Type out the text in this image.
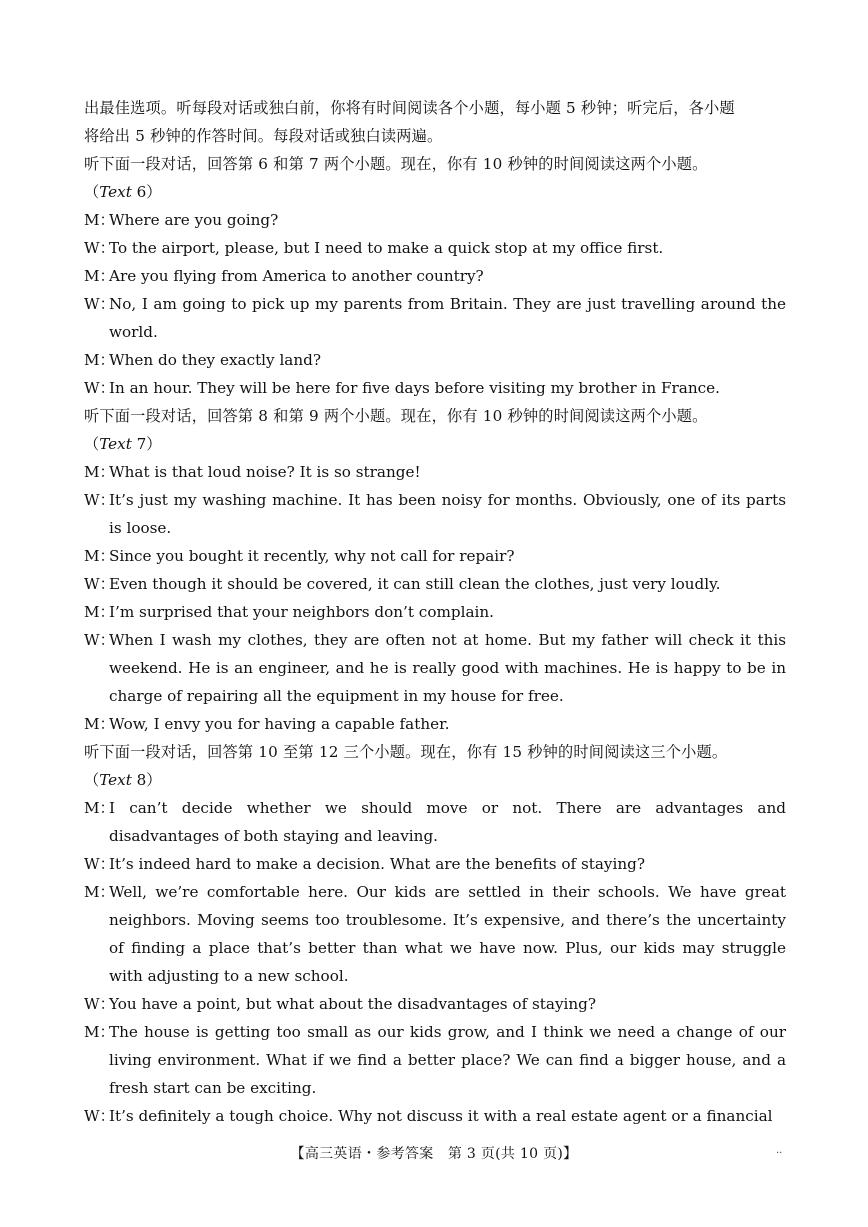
出最佳选项。听每段对话或独白前，你将有时间阅读各个小题，每小题 5 秒钟；听完后，各小题
将给出 5 秒钟的作答时间。每段对话或独白读两遍。
听下面一段对话，回答第 6 和第 7 两个小题。现在，你有 10 秒钟的时间阅读这两个小题。
（Text 6）
M：
Where are you going?
W：
To the airport, please, but I need to make a quick stop at my office first.
M：
Are you flying from America to another country?
W：
No, I am going to pick up my parents from Britain. They are just travelling around the world.
M：
When do they exactly land?
W：
In an hour. They will be here for five days before visiting my brother in France.
听下面一段对话，回答第 8 和第 9 两个小题。现在，你有 10 秒钟的时间阅读这两个小题。
（Text 7）
M：
What is that loud noise? It is so strange!
W：
It’s just my washing machine. It has been noisy for months. Obviously, one of its parts is loose.
M：
Since you bought it recently, why not call for repair?
W：
Even though it should be covered, it can still clean the clothes, just very loudly.
M：
I’m surprised that your neighbors don’t complain.
W：
When I wash my clothes, they are often not at home. But my father will check it this weekend. He is an engineer, and he is really good with machines. He is happy to be in charge of repairing all the equipment in my house for free.
M：
Wow, I envy you for having a capable father.
听下面一段对话，回答第 10 至第 12 三个小题。现在，你有 15 秒钟的时间阅读这三个小题。
（Text 8）
M：
I can’t decide whether we should move or not. There are advantages and disadvantages of both staying and leaving.
W：
It’s indeed hard to make a decision. What are the benefits of staying?
M：
Well, we’re comfortable here. Our kids are settled in their schools. We have great neighbors. Moving seems too troublesome. It’s expensive, and there’s the uncertainty of finding a place that’s better than what we have now. Plus, our kids may struggle with adjusting to a new school.
W：
You have a point, but what about the disadvantages of staying?
M：
The house is getting too small as our kids grow, and I think we need a change of our living environment. What if we find a better place? We can find a bigger house, and a fresh start can be exciting.
W：
It’s definitely a tough choice. Why not discuss it with a real estate agent or a financial
【高三英语・参考答案　第 3 页(共 10 页)】	··
